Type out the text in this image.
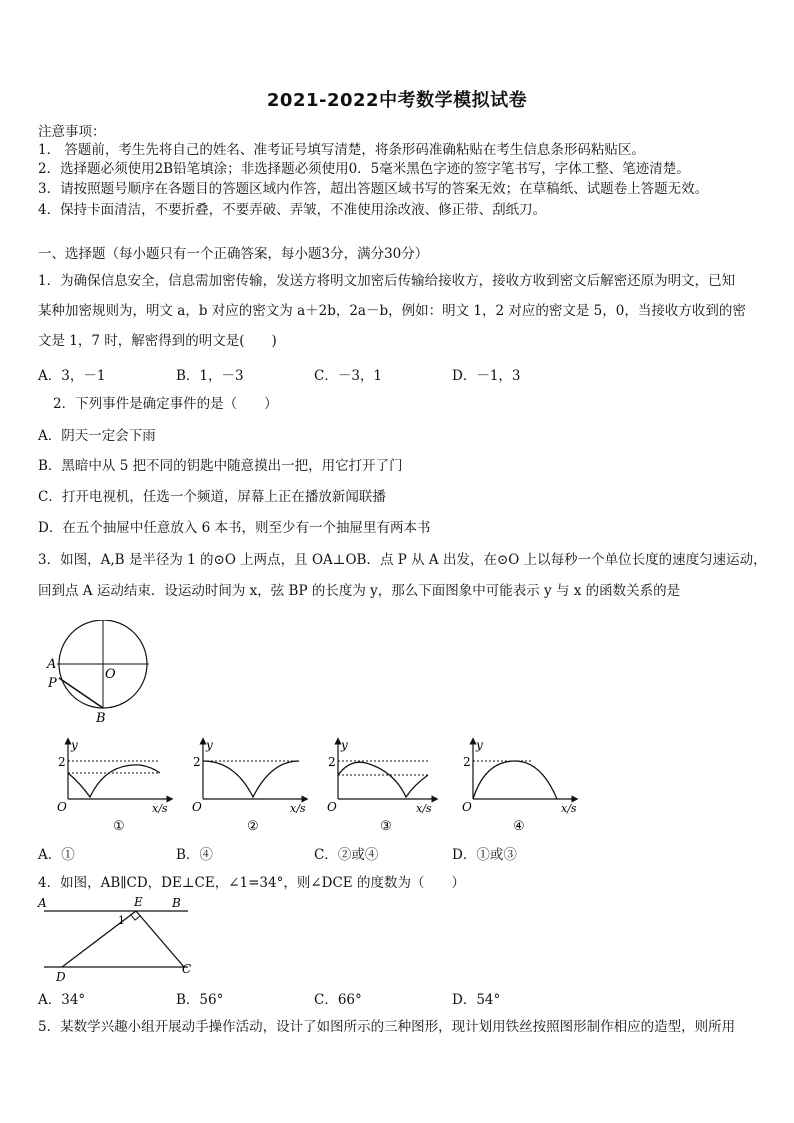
2021-2022中考数学模拟试卷
注意事项：
1． 答题前，考生先将自己的姓名、准考证号填写清楚，将条形码准确粘贴在考生信息条形码粘贴区。
2．选择题必须使用2B铅笔填涂；非选择题必须使用0．5毫米黑色字迹的签字笔书写，字体工整、笔迹清楚。
3．请按照题号顺序在各题目的答题区域内作答，超出答题区域书写的答案无效；在草稿纸、试题卷上答题无效。
4．保持卡面清洁，不要折叠，不要弄破、弄皱，不准使用涂改液、修正带、刮纸刀。
一、选择题（每小题只有一个正确答案，每小题3分，满分30分）
1．为确保信息安全，信息需加密传输，发送方将明文加密后传输给接收方，接收方收到密文后解密还原为明文，已知
某种加密规则为，明文 a，b 对应的密文为 a＋2b，2a－b，例如：明文 1，2 对应的密文是 5，0，当接收方收到的密
文是 1，7 时，解密得到的明文是(　　)
A．3，－1	B．1，－3	C．－3，1	D．－1，3
2．下列事件是确定事件的是（　　）
A．阴天一定会下雨
B．黑暗中从 5 把不同的钥匙中随意摸出一把，用它打开了门
C．打开电视机，任选一个频道，屏幕上正在播放新闻联播
D．在五个抽屉中任意放入 6 本书，则至少有一个抽屉里有两本书
3．如图，A,B 是半径为 1 的⊙O 上两点，且 OA⊥OB．点 P 从 A 出发，在⊙O 上以每秒一个单位长度的速度匀速运动，
回到点 A 运动结束．设运动时间为 x，弦 BP 的长度为 y，那么下面图象中可能表示 y 与 x 的函数关系的是
A
O
P
B
y
2
O	x/s
①
y
2
O	x/s
②
y
2
O	x/s
③
y
2
O	x/s
④
A．①	B．④	C．②或④	D．①或③
4．如图，AB∥CD，DE⊥CE，∠1=34°，则∠DCE 的度数为（　　）
A	E B
1
D
C
A．34°	B．56°	C．66°	D．54°
5．某数学兴趣小组开展动手操作活动，设计了如图所示的三种图形，现计划用铁丝按照图形制作相应的造型，则所用
